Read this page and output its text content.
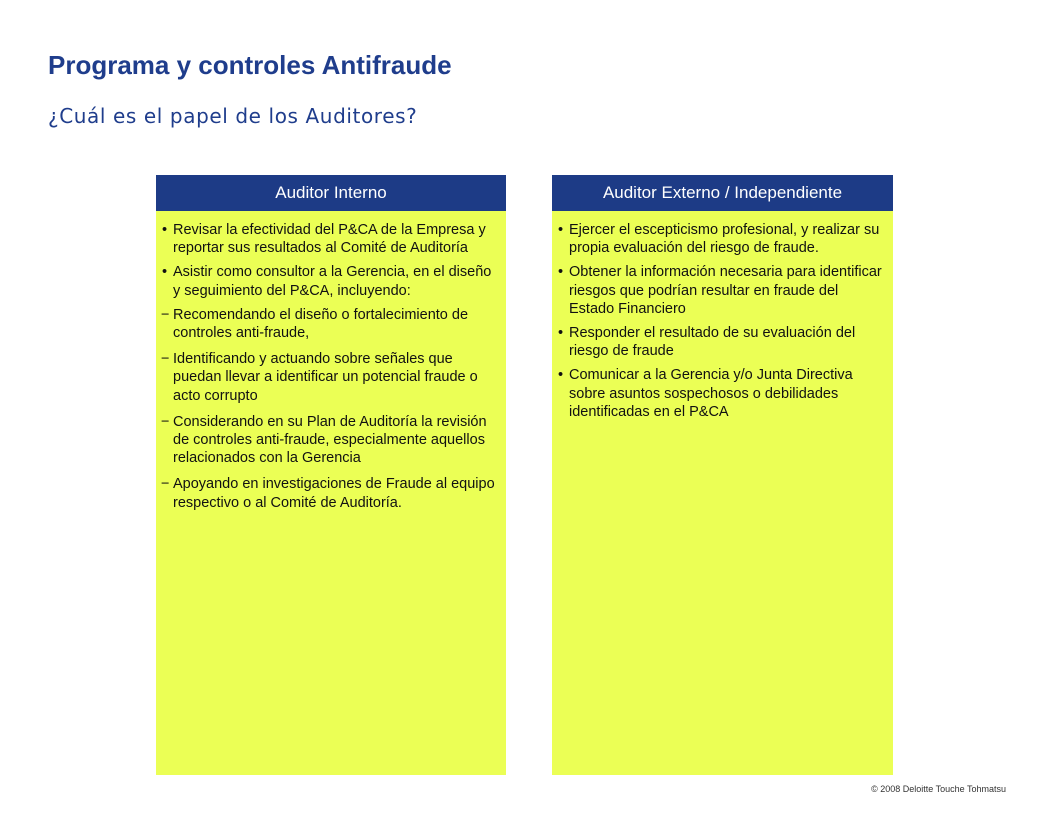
Programa y controles Antifraude
¿Cuál es el papel de los Auditores?
Auditor Interno
• Revisar la efectividad del P&CA de la Empresa y reportar sus resultados al Comité de Auditoría
• Asistir como consultor a la Gerencia, en el diseño y seguimiento del P&CA, incluyendo:
− Recomendando el diseño o fortalecimiento de controles anti-fraude,
− Identificando y actuando sobre señales que puedan llevar a identificar un potencial fraude o acto corrupto
− Considerando en su Plan de Auditoría la revisión de controles anti-fraude, especialmente aquellos relacionados con la Gerencia
− Apoyando en investigaciones de Fraude al equipo respectivo o al Comité de Auditoría.
Auditor Externo / Independiente
• Ejercer el escepticismo profesional, y realizar su propia evaluación del riesgo de fraude.
• Obtener la información necesaria para identificar riesgos que podrían resultar en fraude del Estado Financiero
• Responder el resultado de su evaluación del riesgo de fraude
• Comunicar a la Gerencia y/o Junta Directiva sobre asuntos sospechosos o debilidades identificadas en el P&CA
© 2008 Deloitte Touche Tohmatsu
